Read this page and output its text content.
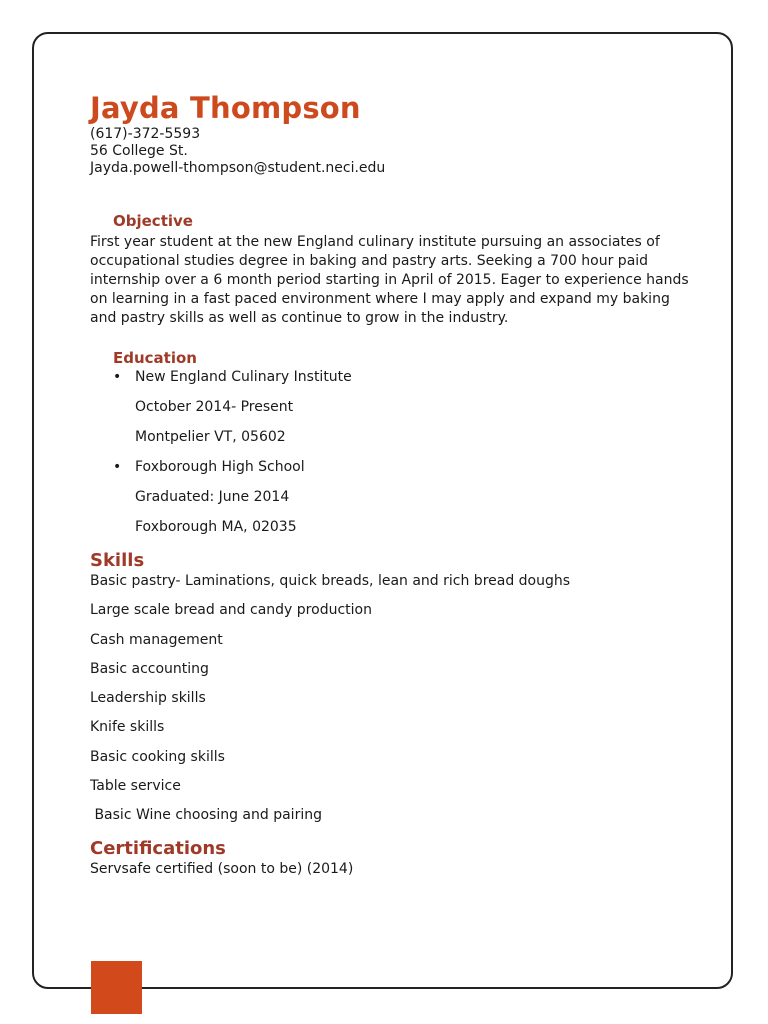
Jayda Thompson
(617)-372-5593
56 College St.
Jayda.powell-thompson@student.neci.edu
Objective
First year student at the new England culinary institute pursuing an associates of occupational studies degree in baking and pastry arts. Seeking a 700 hour paid internship over a 6 month period starting in April of 2015. Eager to experience hands on learning in a fast paced environment where I may apply and expand my baking and pastry skills as well as continue to grow in the industry.
Education
• New England Culinary Institute
October 2014- Present
Montpelier VT, 05602
• Foxborough High School
Graduated: June 2014
Foxborough MA, 02035
Skills
Basic pastry- Laminations, quick breads, lean and rich bread doughs
Large scale bread and candy production
Cash management
Basic accounting
Leadership skills
Knife skills
Basic cooking skills
Table service
Basic Wine choosing and pairing
Certifications
Servsafe certified (soon to be) (2014)
